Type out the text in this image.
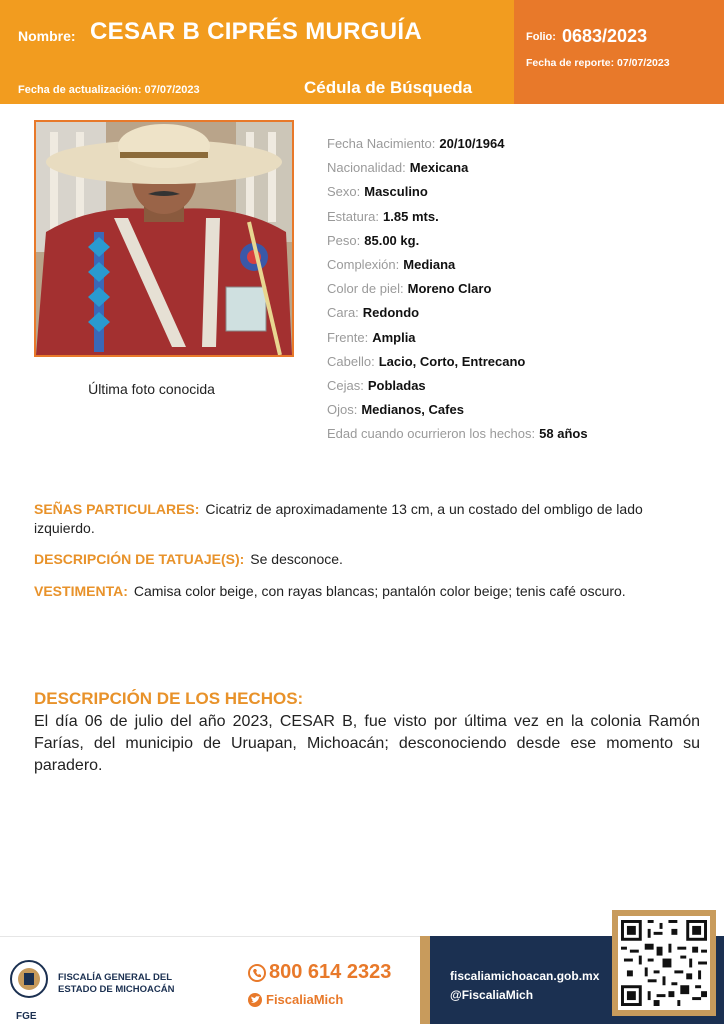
Nombre: CESAR B CIPRÉS MURGUÍA
Fecha de actualización: 07/07/2023	Cédula de Búsqueda
Folio: 0683/2023
Fecha de reporte: 07/07/2023
Última foto conocida
Fecha Nacimiento: 20/10/1964
Nacionalidad: Mexicana
Sexo: Masculino
Estatura: 1.85 mts.
Peso: 85.00 kg.
Complexión: Mediana
Color de piel: Moreno Claro
Cara: Redondo
Frente: Amplia
Cabello: Lacio, Corto, Entrecano
Cejas: Pobladas
Ojos: Medianos, Cafes
Edad cuando ocurrieron los hechos: 58 años
SEÑAS PARTICULARES: Cicatriz de aproximadamente 13 cm, a un costado del ombligo de lado izquierdo.
DESCRIPCIÓN DE TATUAJE(S): Se desconoce.
VESTIMENTA: Camisa color beige, con rayas blancas; pantalón color beige; tenis café oscuro.
DESCRIPCIÓN DE LOS HECHOS:
El día 06 de julio del año 2023, CESAR B, fue visto por última vez en la colonia Ramón Farías, del municipio de Uruapan, Michoacán; desconociendo desde ese momento su paradero.
FGE
FISCALÍA GENERAL DEL
ESTADO DE MICHOACÁN
800 614 2323
FiscaliaMich
fiscaliamichoacan.gob.mx
@FiscaliaMich
